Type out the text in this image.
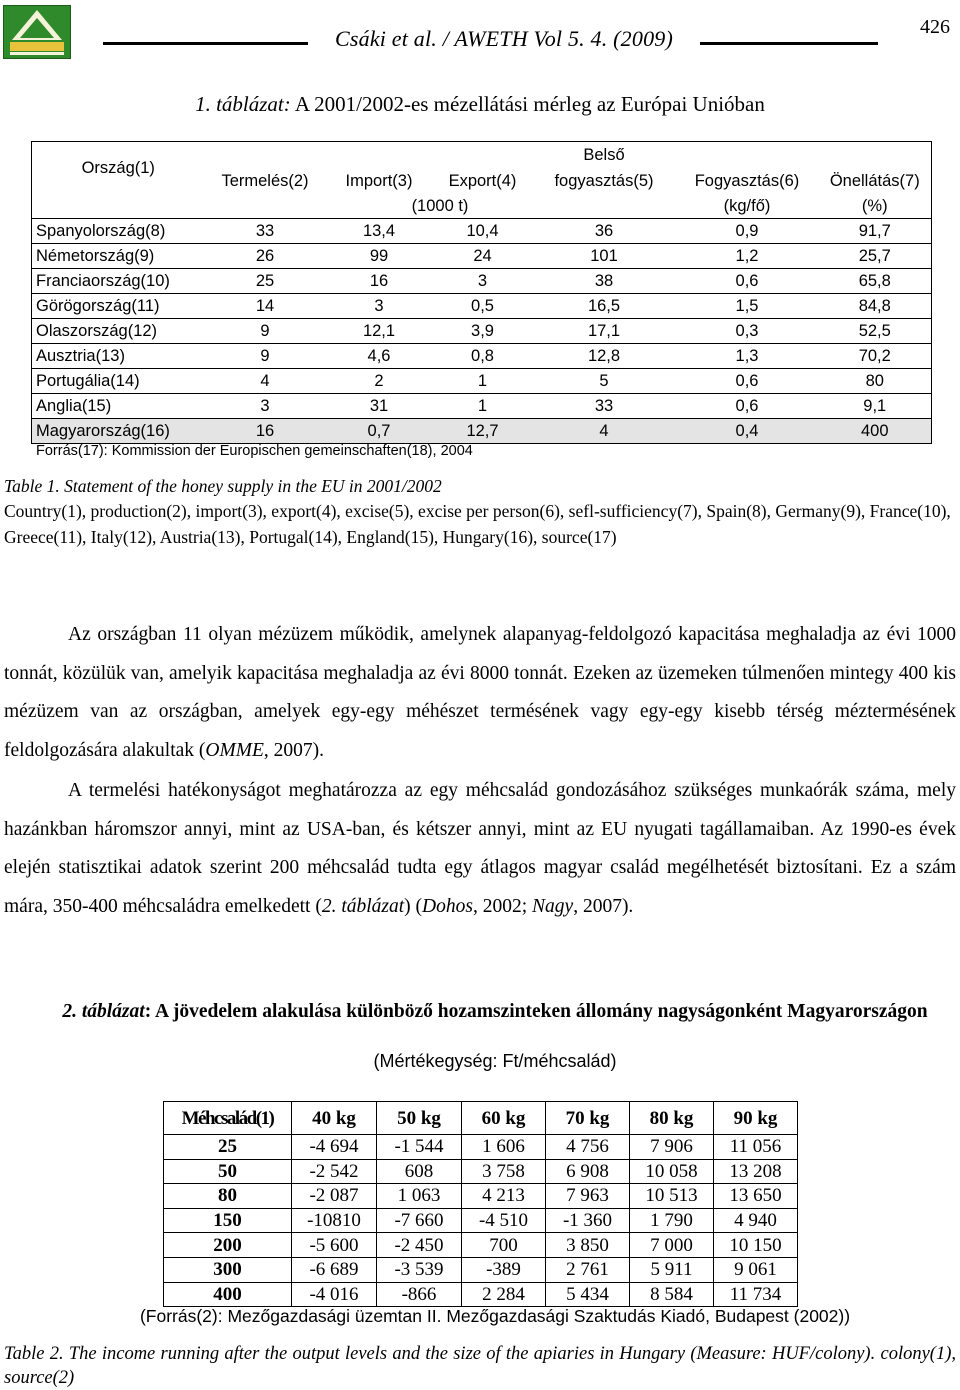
Csáki et al. / AWETH Vol 5. 4. (2009)	426
1. táblázat: A 2001/2002-es mézellátási mérleg az Európai Unióban
Ország(1)	Termelés(2)	Import(3)	Export(4)	Belső	Fogyasztás(6)	Önellátás(7)
				fogyasztás(5)		
	(1000 t)				(kg/fő)	(%)
Spanyolország(8)	33	13,4	10,4	36	0,9	91,7
Németország(9)	26	99	24	101	1,2	25,7
Franciaország(10)	25	16	3	38	0,6	65,8
Görögország(11)	14	3	0,5	16,5	1,5	84,8
Olaszország(12)	9	12,1	3,9	17,1	0,3	52,5
Ausztria(13)	9	4,6	0,8	12,8	1,3	70,2
Portugália(14)	4	2	1	5	0,6	80
Anglia(15)	3	31	1	33	0,6	9,1
Magyarország(16)	16	0,7	12,7	4	0,4	400
Forrás(17): Kommission der Europischen gemeinschaften(18), 2004
Table 1. Statement of the honey supply in the EU in 2001/2002
Country(1), production(2), import(3), export(4), excise(5), excise per person(6), sefl-sufficiency(7), Spain(8), Germany(9), France(10), Greece(11), Italy(12), Austria(13), Portugal(14), England(15), Hungary(16), source(17)
Az országban 11 olyan mézüzem működik, amelynek alapanyag-feldolgozó kapacitása meghaladja az évi 1000 tonnát, közülük van, amelyik kapacitása meghaladja az évi 8000 tonnát. Ezeken az üzemeken túlmenően mintegy 400 kis mézüzem van az országban, amelyek egy-egy méhészet termésének vagy egy-egy kisebb térség méztermésének feldolgozására alakultak (OMME, 2007).
A termelési hatékonyságot meghatározza az egy méhcsalád gondozásához szükséges munkaórák száma, mely hazánkban háromszor annyi, mint az USA-ban, és kétszer annyi, mint az EU nyugati tagállamaiban. Az 1990-es évek elején statisztikai adatok szerint 200 méhcsalád tudta egy átlagos magyar család megélhetését biztosítani. Ez a szám mára, 350-400 méhcsaládra emelkedett (2. táblázat) (Dohos, 2002; Nagy, 2007).
2. táblázat: A jövedelem alakulása különböző hozamszinteken állomány nagyságonként Magyarországon
(Mértékegység: Ft/méhcsalád)
Méhcsalád(1)	40 kg	50 kg	60 kg	70 kg	80 kg	90 kg
25	-4 694	-1 544	1 606	4 756	7 906	11 056
50	-2 542	608	3 758	6 908	10 058	13 208
80	-2 087	1 063	4 213	7 963	10 513	13 650
150	-10810	-7 660	-4 510	-1 360	1 790	4 940
200	-5 600	-2 450	700	3 850	7 000	10 150
300	-6 689	-3 539	-389	2 761	5 911	9 061
400	-4 016	-866	2 284	5 434	8 584	11 734
(Forrás(2): Mezőgazdasági üzemtan II. Mezőgazdasági Szaktudás Kiadó, Budapest (2002))
Table 2. The income running after the output levels and the size of the apiaries in Hungary (Measure: HUF/colony). colony(1), source(2)
